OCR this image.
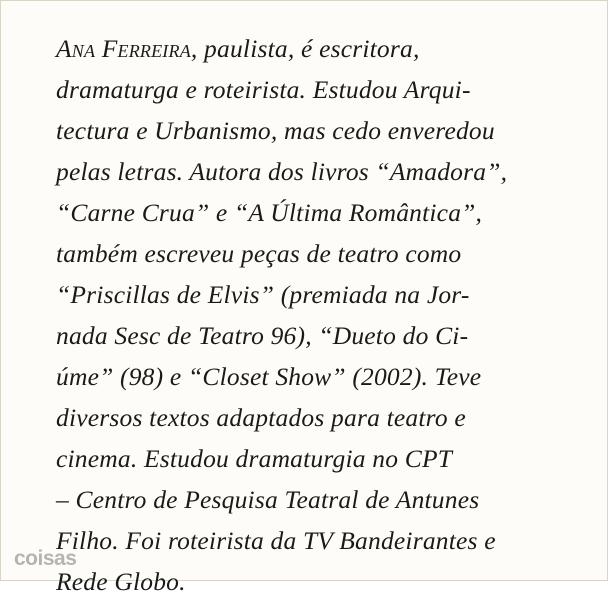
Ana Ferreira, paulista, é escritora,

dramaturga e roteirista. Estudou Arqui-

tectura e Urbanismo, mas cedo enveredou

pelas letras. Autora dos livros “Amadora”,

“Carne Crua” e “A Última Romântica”,

também escreveu peças de teatro como

“Priscillas de Elvis” (premiada na Jor-

nada Sesc de Teatro 96), “Dueto do Ci-

úme” (98) e “Closet Show” (2002). Teve

diversos textos adaptados para teatro e

cinema. Estudou dramaturgia no CPT

– Centro de Pesquisa Teatral de Antunes

Filho. Foi roteirista da TV Bandeirantes e

Rede Globo.

coisas
